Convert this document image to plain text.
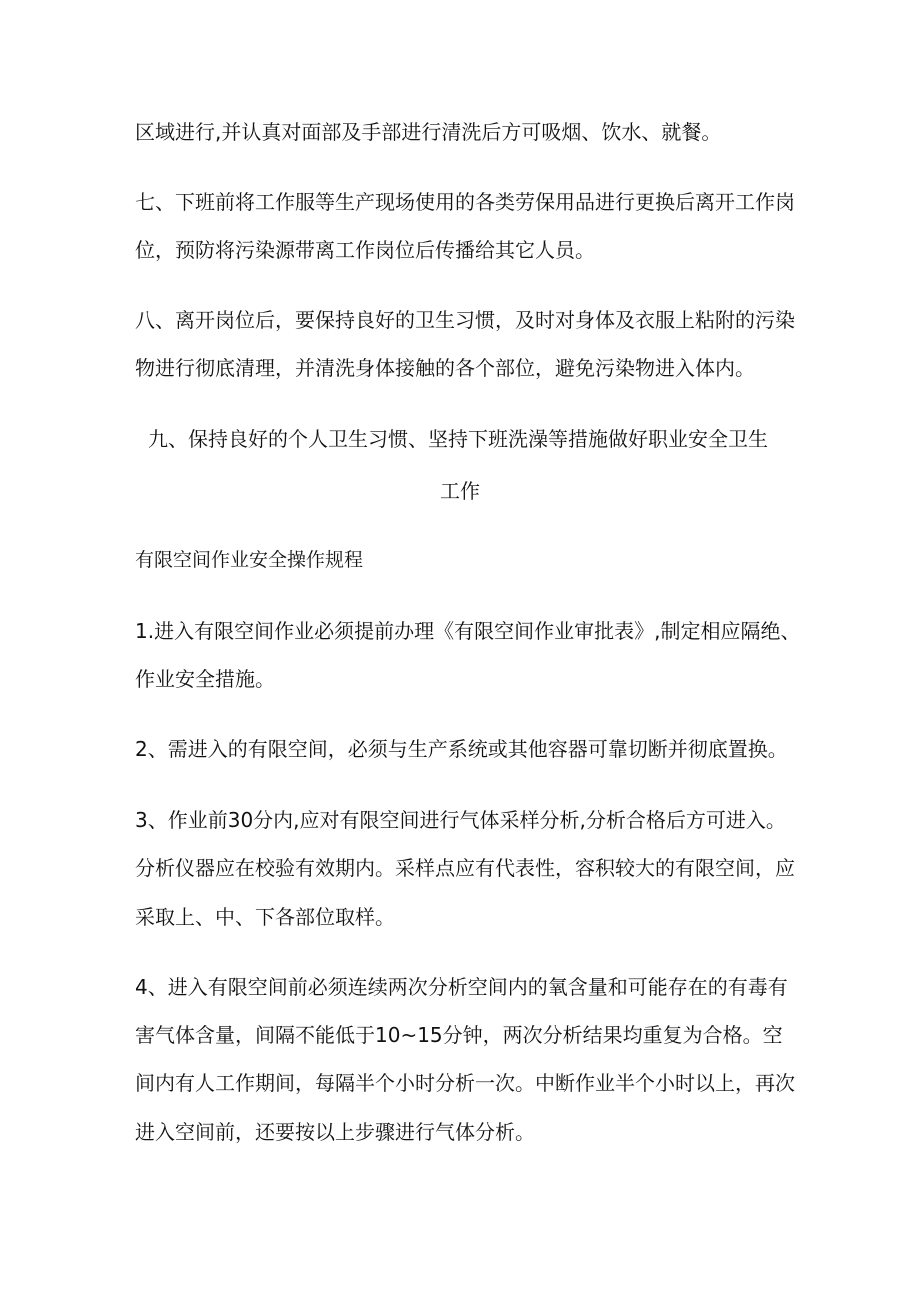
区域进行,并认真对面部及手部进行清洗后方可吸烟、饮水、就餐。
七、下班前将工作服等生产现场使用的各类劳保用品进行更换后离开工作岗
位，预防将污染源带离工作岗位后传播给其它人员。
八、离开岗位后，要保持良好的卫生习惯，及时对身体及衣服上粘附的污染
物进行彻底清理，并清洗身体接触的各个部位，避免污染物进入体内。
九、保持良好的个人卫生习惯、坚持下班洗澡等措施做好职业安全卫生
工作
有限空间作业安全操作规程
1.进入有限空间作业必须提前办理《有限空间作业审批表》,制定相应隔绝、
作业安全措施。
2、需进入的有限空间，必须与生产系统或其他容器可靠切断并彻底置换。
3、作业前30分内,应对有限空间进行气体采样分析,分析合格后方可进入。
分析仪器应在校验有效期内。采样点应有代表性，容积较大的有限空间，应
采取上、中、下各部位取样。
4、进入有限空间前必须连续两次分析空间内的氧含量和可能存在的有毒有
害气体含量，间隔不能低于10~15分钟，两次分析结果均重复为合格。空
间内有人工作期间，每隔半个小时分析一次。中断作业半个小时以上，再次
进入空间前，还要按以上步骤进行气体分析。
